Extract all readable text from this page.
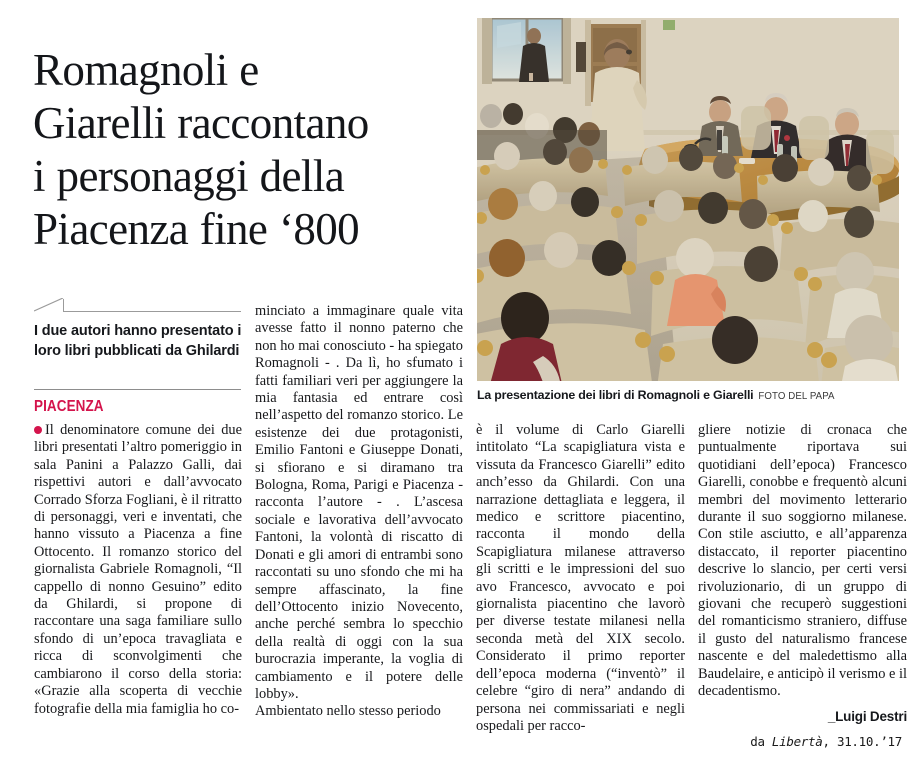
Romagnoli e
Giarelli raccontano
i personaggi della
Piacenza fine ‘800
I due autori hanno presentato i loro libri pubblicati da Ghilardi
PIACENZA
La presentazione dei libri di Romagnoli e Giarelli FOTO DEL PAPA

Il denominatore comune dei due libri presentati l’altro pomeriggio in sala Panini a Palazzo Galli, dai rispettivi autori e dall’avvocato Corrado Sforza Fogliani, è il ritratto di personaggi, veri e inventati, che hanno vissuto a Piacenza a fine Ottocento. Il romanzo storico del giornalista Gabriele Romagnoli, “Il cappello di nonno Gesuino” edito da Ghilardi, si propone di raccontare una saga familiare sullo sfondo di un’epoca travagliata e ricca di sconvolgimenti che cambiarono il corso della storia: «Grazie alla scoperta di vecchie fotografie della mia famiglia ho co-

minciato a immaginare quale vita avesse fatto il nonno paterno che non ho mai conosciuto - ha spiegato Romagnoli - . Da lì, ho sfumato i fatti familiari veri per aggiungere la mia fantasia ed entrare così nell’aspetto del romanzo storico. Le esistenze dei due protagonisti, Emilio Fantoni e Giuseppe Donati, si sfiorano e si diramano tra Bologna, Roma, Parigi e Piacenza - racconta l’autore - . L’ascesa sociale e lavorativa dell’avvocato Fantoni, la volontà di riscatto di Donati e gli amori di entrambi sono raccontati su uno sfondo che mi ha sempre affascinato, la fine dell’Ottocento inizio Novecento, anche perché sembra lo specchio della realtà di oggi con la sua burocrazia imperante, la voglia di cambiamento e il potere delle lobby».

Ambientato nello stesso periodo

è il volume di Carlo Giarelli intitolato “La scapigliatura vista e vissuta da Francesco Giarelli” edito anch’esso da Ghilardi. Con una narrazione dettagliata e leggera, il medico e scrittore piacentino, racconta il mondo della Scapigliatura milanese attraverso gli scritti e le impressioni del suo avo Francesco, avvocato e poi giornalista piacentino che lavorò per diverse testate milanesi nella seconda metà del XIX secolo. Considerato il primo reporter dell’epoca moderna (“inventò” il celebre “giro di nera” andando di persona nei commissariati e negli ospedali per racco-

gliere notizie di cronaca che puntualmente riportava sui quotidiani dell’epoca) Francesco Giarelli, conobbe e frequentò alcuni membri del movimento letterario durante il suo soggiorno milanese. Con stile asciutto, e all’apparenza distaccato, il reporter piacentino descrive lo slancio, per certi versi rivoluzionario, di un gruppo di giovani che recuperò suggestioni del romanticismo straniero, diffuse il gusto del naturalismo francese nascente e del maledettismo alla Baudelaire, e anticipò il verismo e il decadentismo.

_Luigi Destri
da Libertà, 31.10.’17
